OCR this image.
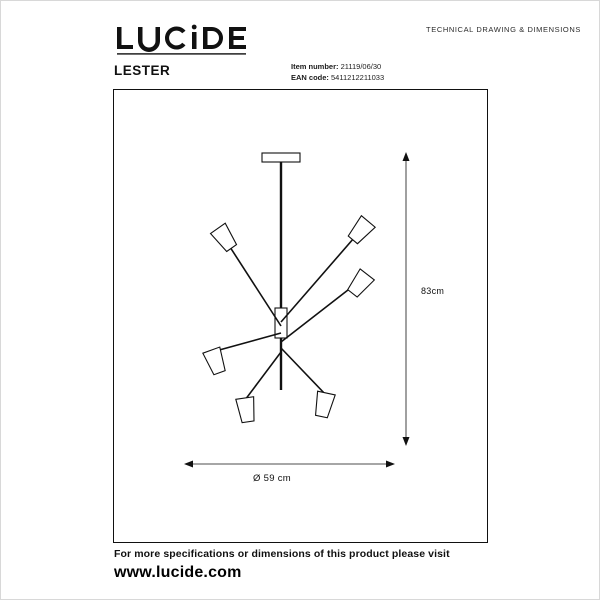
TECHNICAL DRAWING & DIMENSIONS
LESTER	Item number: 21119/06/30
EAN code: 5411212211033
83cm
Ø 59 cm
For more specifications or dimensions of this product please visit
www.lucide.com
